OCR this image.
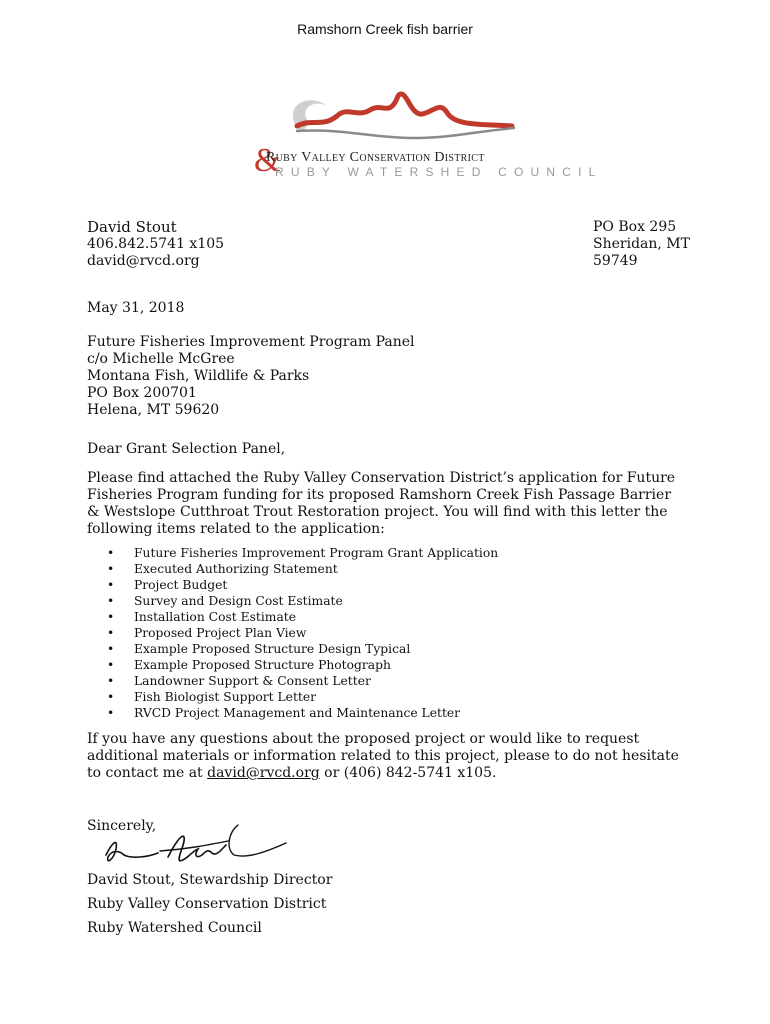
Ramshorn Creek fish barrier
&
Ruby Valley Conservation District
RUBY WATERSHED COUNCIL
David Stout
406.842.5741 x105
david@rvcd.org
PO Box 295
Sheridan, MT
59749
May 31, 2018
Future Fisheries Improvement Program Panel
c/o Michelle McGree
Montana Fish, Wildlife & Parks
PO Box 200701
Helena, MT 59620
Dear Grant Selection Panel,
Please find attached the Ruby Valley Conservation District’s application for Future Fisheries Program funding for its proposed Ramshorn Creek Fish Passage Barrier & Westslope Cutthroat Trout Restoration project. You will find with this letter the following items related to the application:
• Future Fisheries Improvement Program Grant Application
• Executed Authorizing Statement
• Project Budget
• Survey and Design Cost Estimate
• Installation Cost Estimate
• Proposed Project Plan View
• Example Proposed Structure Design Typical
• Example Proposed Structure Photograph
• Landowner Support & Consent Letter
• Fish Biologist Support Letter
• RVCD Project Management and Maintenance Letter
If you have any questions about the proposed project or would like to request additional materials or information related to this project, please to do not hesitate to contact me at david@rvcd.org or (406) 842-5741 x105.
Sincerely,
David Stout, Stewardship Director
Ruby Valley Conservation District
Ruby Watershed Council
